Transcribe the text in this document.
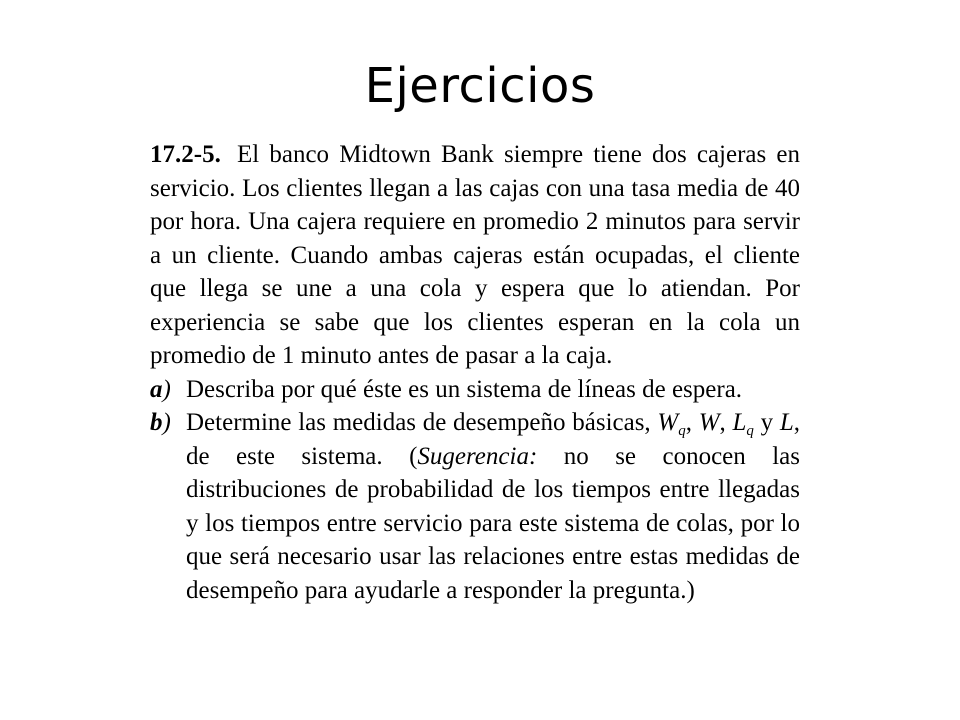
Ejercicios

17.2-5. El banco Midtown Bank siempre tiene dos cajeras en servicio. Los clientes llegan a las cajas con una tasa media de 40 por hora. Una cajera requiere en promedio 2 minutos para servir a un cliente. Cuando ambas cajeras están ocupadas, el cliente que llega se une a una cola y espera que lo atiendan. Por experiencia se sabe que los clientes esperan en la cola un promedio de 1 minuto antes de pasar a la caja.

a) Describa por qué éste es un sistema de líneas de espera.

b) Determine las medidas de desempeño básicas, $W_q$, W, $L_q$ y L, de este sistema. (Sugerencia: no se conocen las distribuciones de probabilidad de los tiempos entre llegadas y los tiempos entre servicio para este sistema de colas, por lo que será necesario usar las relaciones entre estas medidas de desempeño para ayudarle a responder la pregunta.)
